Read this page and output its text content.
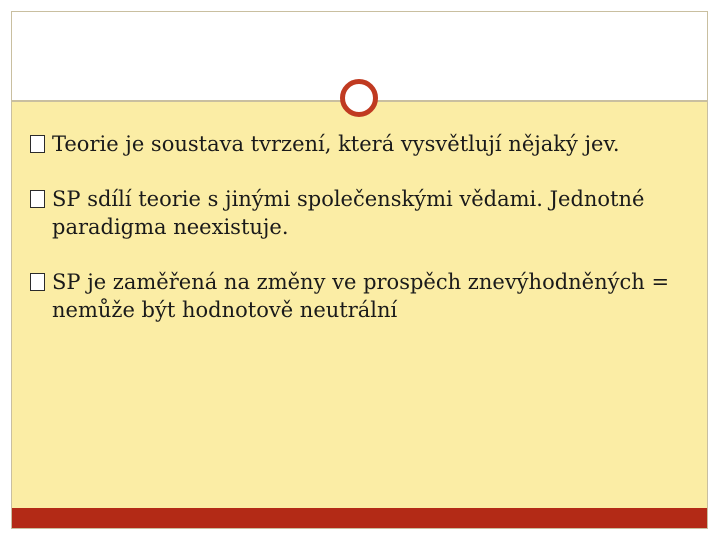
Teorie je soustava tvrzení, která vysvětlují nějaký jev.
SP sdílí teorie s jinými společenskými vědami. Jednotné paradigma neexistuje.
SP je zaměřená na změny ve prospěch znevýhodněných = nemůže být hodnotově neutrální
